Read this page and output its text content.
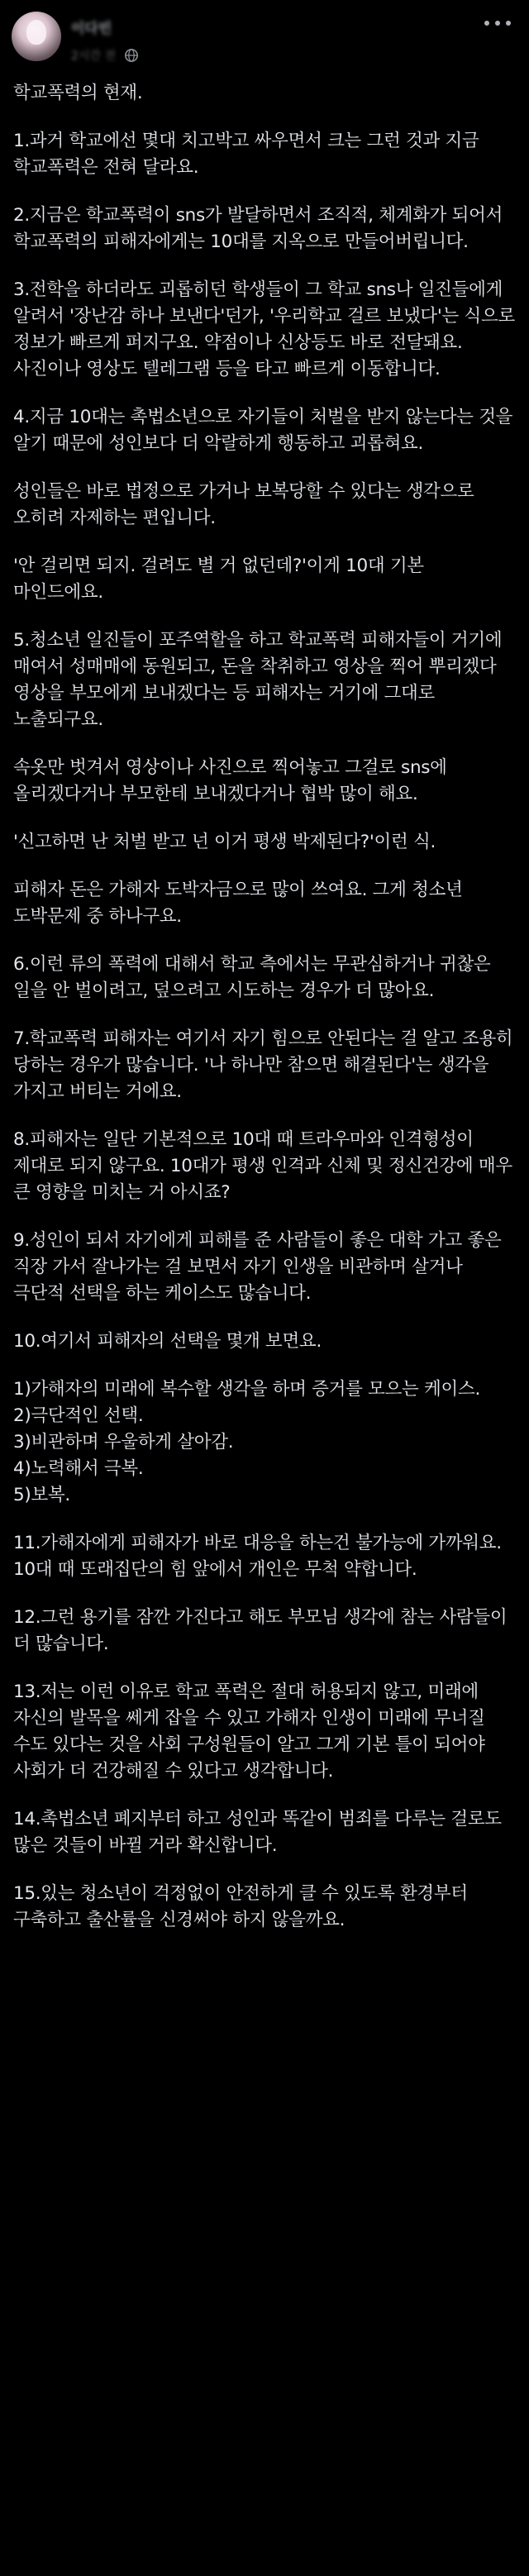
이다빈
2시간 전

학교폭력의 현재.

1.과거 학교에선 몇대 치고박고 싸우면서 크는 그런 것과 지금 학교폭력은 전혀 달라요.

2.지금은 학교폭력이 sns가 발달하면서 조직적, 체계화가 되어서 학교폭력의 피해자에게는 10대를 지옥으로 만들어버립니다.

3.전학을 하더라도 괴롭히던 학생들이 그 학교 sns나 일진들에게 알려서 '장난감 하나 보낸다'던가, '우리학교 걸르 보냈다'는 식으로 정보가 빠르게 퍼지구요. 약점이나 신상등도 바로 전달돼요. 사진이나 영상도 텔레그램 등을 타고 빠르게 이동합니다.

4.지금 10대는 촉법소년으로 자기들이 처벌을 받지 않는다는 것을 알기 때문에 성인보다 더 악랄하게 행동하고 괴롭혀요.

성인들은 바로 법정으로 가거나 보복당할 수 있다는 생각으로 오히려 자제하는 편입니다.

'안 걸리면 되지. 걸려도 별 거 없던데?'이게 10대 기본 마인드에요.

5.청소년 일진들이 포주역할을 하고 학교폭력 피해자들이 거기에 매여서 성매매에 동원되고, 돈을 착취하고 영상을 찍어 뿌리겠다 영상을 부모에게 보내겠다는 등 피해자는 거기에 그대로 노출되구요.

속옷만 벗겨서 영상이나 사진으로 찍어놓고 그걸로 sns에 올리겠다거나 부모한테 보내겠다거나 협박 많이 해요.

'신고하면 난 처벌 받고 넌 이거 평생 박제된다?'이런 식.

피해자 돈은 가해자 도박자금으로 많이 쓰여요. 그게 청소년 도박문제 중 하나구요.

6.이런 류의 폭력에 대해서 학교 측에서는 무관심하거나 귀찮은 일을 안 벌이려고, 덮으려고 시도하는 경우가 더 많아요.

7.학교폭력 피해자는 여기서 자기 힘으로 안된다는 걸 알고 조용히 당하는 경우가 많습니다. '나 하나만 참으면 해결된다'는 생각을 가지고 버티는 거에요.

8.피해자는 일단 기본적으로 10대 때 트라우마와 인격형성이 제대로 되지 않구요. 10대가 평생 인격과 신체 및 정신건강에 매우 큰 영향을 미치는 거 아시죠?

9.성인이 되서 자기에게 피해를 준 사람들이 좋은 대학 가고 좋은 직장 가서 잘나가는 걸 보면서 자기 인생을 비관하며 살거나 극단적 선택을 하는 케이스도 많습니다.

10.여기서 피해자의 선택을 몇개 보면요.

1)가해자의 미래에 복수할 생각을 하며 증거를 모으는 케이스.
2)극단적인 선택.
3)비관하며 우울하게 살아감.
4)노력해서 극복.
5)보복.

11.가해자에게 피해자가 바로 대응을 하는건 불가능에 가까워요. 10대 때 또래집단의 힘 앞에서 개인은 무척 약합니다.

12.그런 용기를 잠깐 가진다고 해도 부모님 생각에 참는 사람들이 더 많습니다.

13.저는 이런 이유로 학교 폭력은 절대 허용되지 않고, 미래에 자신의 발목을 쎄게 잡을 수 있고 가해자 인생이 미래에 무너질 수도 있다는 것을 사회 구성원들이 알고 그게 기본 틀이 되어야 사회가 더 건강해질 수 있다고 생각합니다.

14.촉법소년 폐지부터 하고 성인과 똑같이 범죄를 다루는 걸로도 많은 것들이 바뀔 거라 확신합니다.

15.있는 청소년이 걱정없이 안전하게 클 수 있도록 환경부터 구축하고 출산률을 신경써야 하지 않을까요.
